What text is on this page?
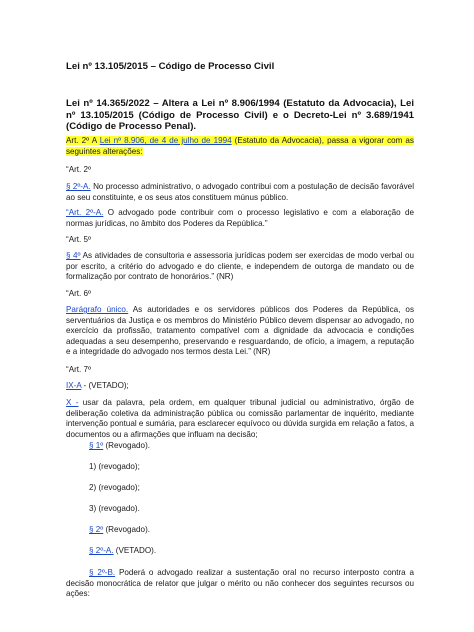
Lei nº 13.105/2015 – Código de Processo Civil
Lei nº 14.365/2022 – Altera a Lei nº 8.906/1994 (Estatuto da Advocacia), Lei nº 13.105/2015 (Código de Processo Civil) e o Decreto-Lei nº 3.689/1941 (Código de Processo Penal).
Art. 2º A Lei nº 8.906, de 4 de julho de 1994 (Estatuto da Advocacia), passa a vigorar com as seguintes alterações:
“Art. 2º
§ 2º-A. No processo administrativo, o advogado contribui com a postulação de decisão favorável ao seu constituinte, e os seus atos constituem múnus público.
“Art. 2º-A. O advogado pode contribuir com o processo legislativo e com a elaboração de normas jurídicas, no âmbito dos Poderes da República.”
“Art. 5º
§ 4º As atividades de consultoria e assessoria jurídicas podem ser exercidas de modo verbal ou por escrito, a critério do advogado e do cliente, e independem de outorga de mandato ou de formalização por contrato de honorários.” (NR)
“Art. 6º
Parágrafo único. As autoridades e os servidores públicos dos Poderes da República, os serventuários da Justiça e os membros do Ministério Público devem dispensar ao advogado, no exercício da profissão, tratamento compatível com a dignidade da advocacia e condições adequadas a seu desempenho, preservando e resguardando, de ofício, a imagem, a reputação e a integridade do advogado nos termos desta Lei.” (NR)
“Art. 7º
IX-A - (VETADO);
X - usar da palavra, pela ordem, em qualquer tribunal judicial ou administrativo, órgão de deliberação coletiva da administração pública ou comissão parlamentar de inquérito, mediante intervenção pontual e sumária, para esclarecer equívoco ou dúvida surgida em relação a fatos, a documentos ou a afirmações que influam na decisão;
§ 1º (Revogado).
1) (revogado);
2) (revogado);
3) (revogado).
§ 2º (Revogado).
§ 2º-A. (VETADO).
§ 2º-B. Poderá o advogado realizar a sustentação oral no recurso interposto contra a decisão monocrática de relator que julgar o mérito ou não conhecer dos seguintes recursos ou ações:
